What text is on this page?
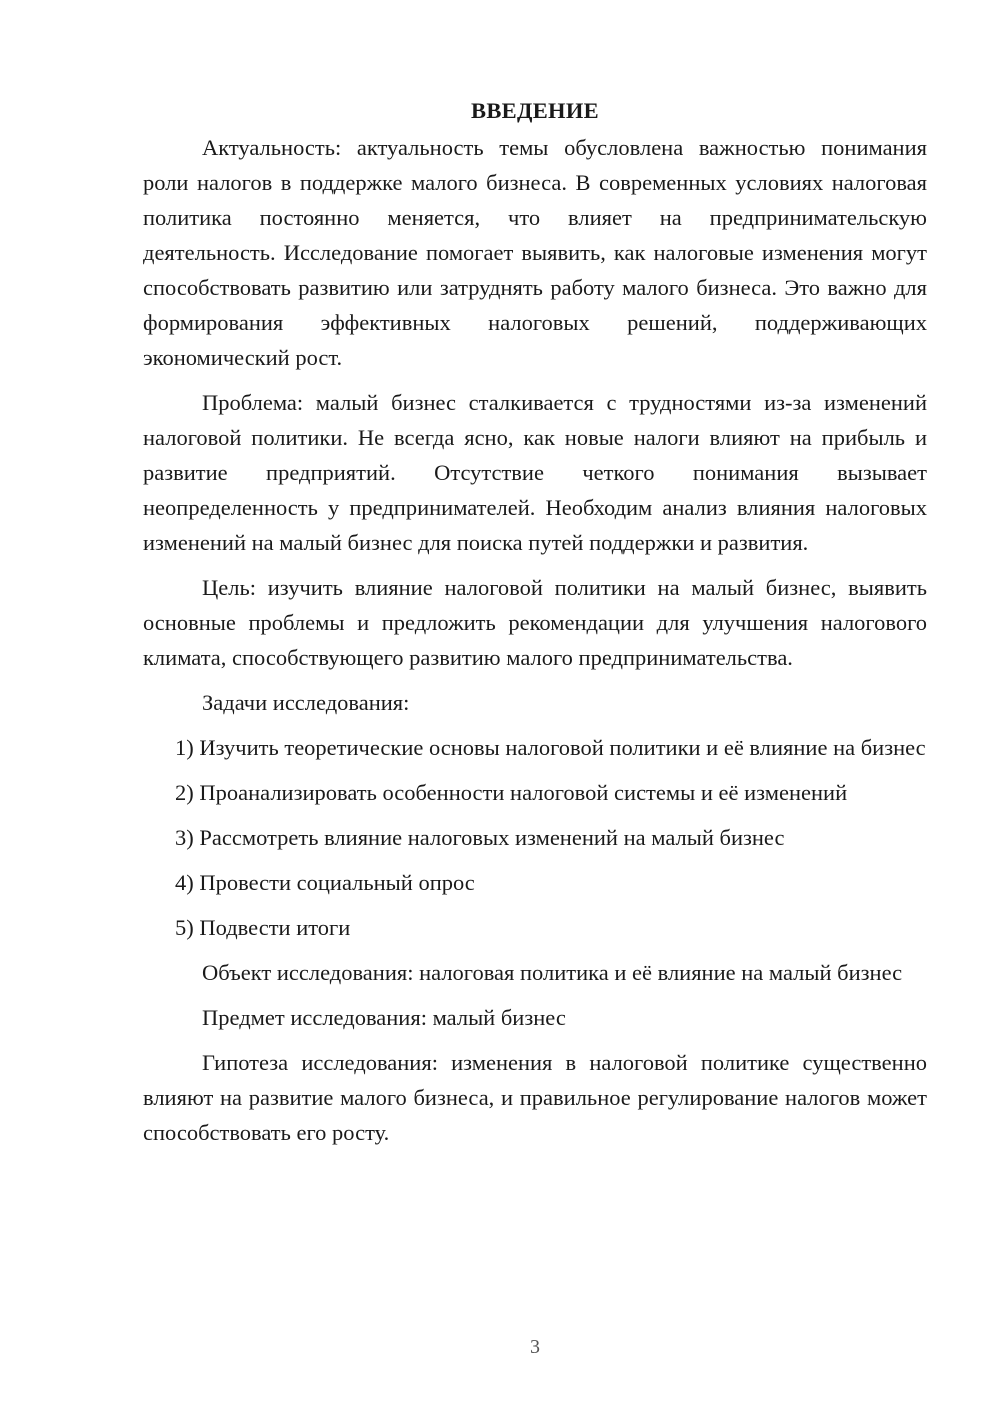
ВВЕДЕНИЕ

Актуальность: актуальность темы обусловлена важностью понимания роли налогов в поддержке малого бизнеса. В современных условиях налоговая политика постоянно меняется, что влияет на предпринимательскую деятельность. Исследование помогает выявить, как налоговые изменения могут способствовать развитию или затруднять работу малого бизнеса. Это важно для формирования эффективных налоговых решений, поддерживающих экономический рост.

Проблема: малый бизнес сталкивается с трудностями из-за изменений налоговой политики. Не всегда ясно, как новые налоги влияют на прибыль и развитие предприятий. Отсутствие четкого понимания вызывает неопределенность у предпринимателей. Необходим анализ влияния налоговых изменений на малый бизнес для поиска путей поддержки и развития.

Цель: изучить влияние налоговой политики на малый бизнес, выявить основные проблемы и предложить рекомендации для улучшения налогового климата, способствующего развитию малого предпринимательства.

Задачи исследования:

1) Изучить теоретические основы налоговой политики и её влияние на бизнес

2) Проанализировать особенности налоговой системы и её изменений

3) Рассмотреть влияние налоговых изменений на малый бизнес

4) Провести социальный опрос

5) Подвести итоги

Объект исследования: налоговая политика и её влияние на малый бизнес

Предмет исследования: малый бизнес

Гипотеза исследования: изменения в налоговой политике существенно влияют на развитие малого бизнеса, и правильное регулирование налогов может способствовать его росту.

3
